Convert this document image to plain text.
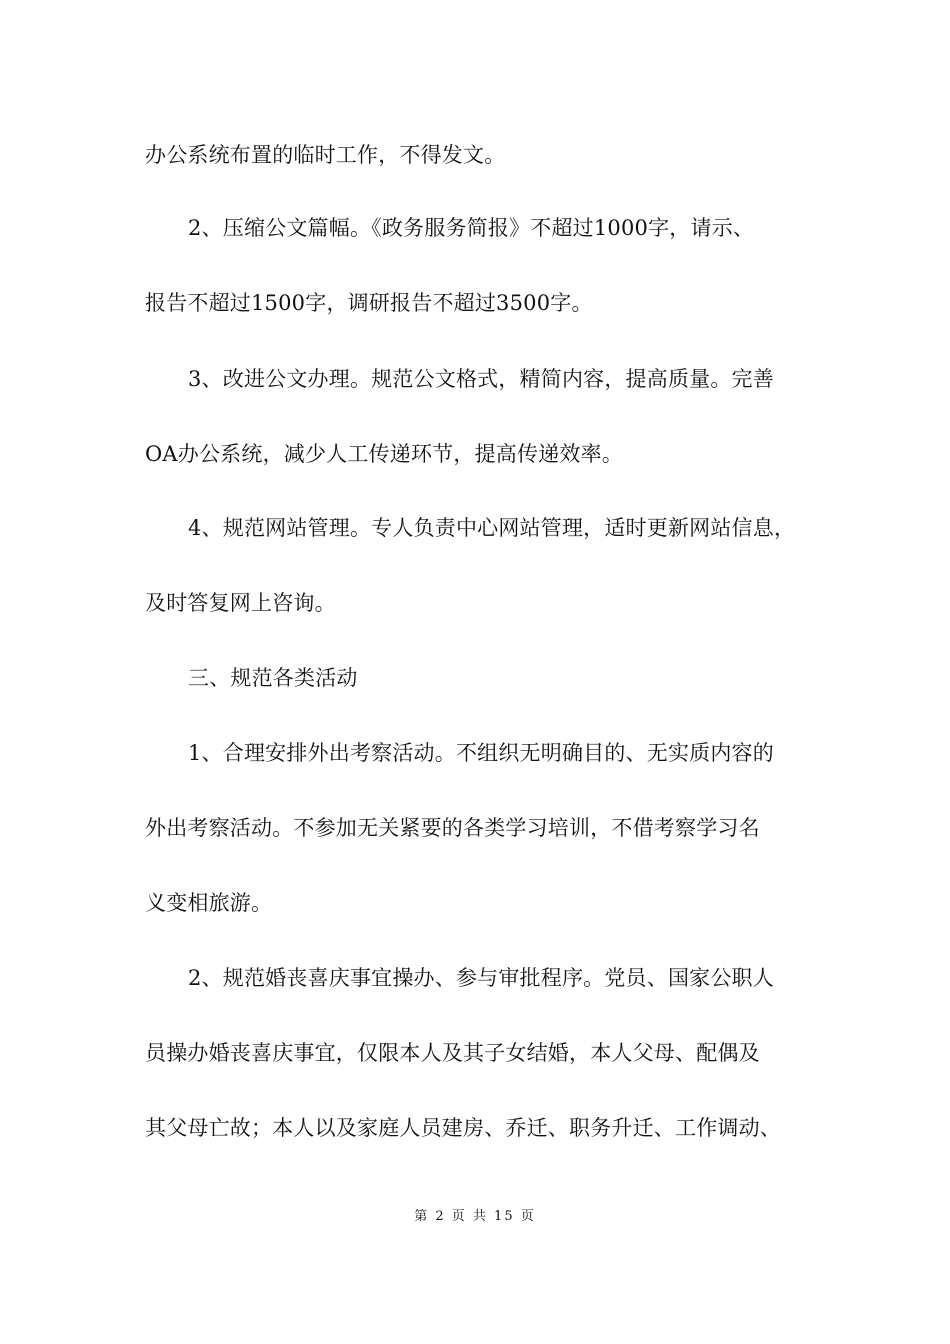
办公系统布置的临时工作，不得发文。
2、压缩公文篇幅。《政务服务简报》不超过1000字，请示、
报告不超过1500字，调研报告不超过3500字。
3、改进公文办理。规范公文格式，精简内容，提高质量。完善
OA办公系统，减少人工传递环节，提高传递效率。
4、规范网站管理。专人负责中心网站管理，适时更新网站信息，
及时答复网上咨询。
三、规范各类活动
1、合理安排外出考察活动。不组织无明确目的、无实质内容的
外出考察活动。不参加无关紧要的各类学习培训，不借考察学习名
义变相旅游。
2、规范婚丧喜庆事宜操办、参与审批程序。党员、国家公职人
员操办婚丧喜庆事宜，仅限本人及其子女结婚，本人父母、配偶及
其父母亡故；本人以及家庭人员建房、乔迁、职务升迁、工作调动、
第 2 页 共 15 页
